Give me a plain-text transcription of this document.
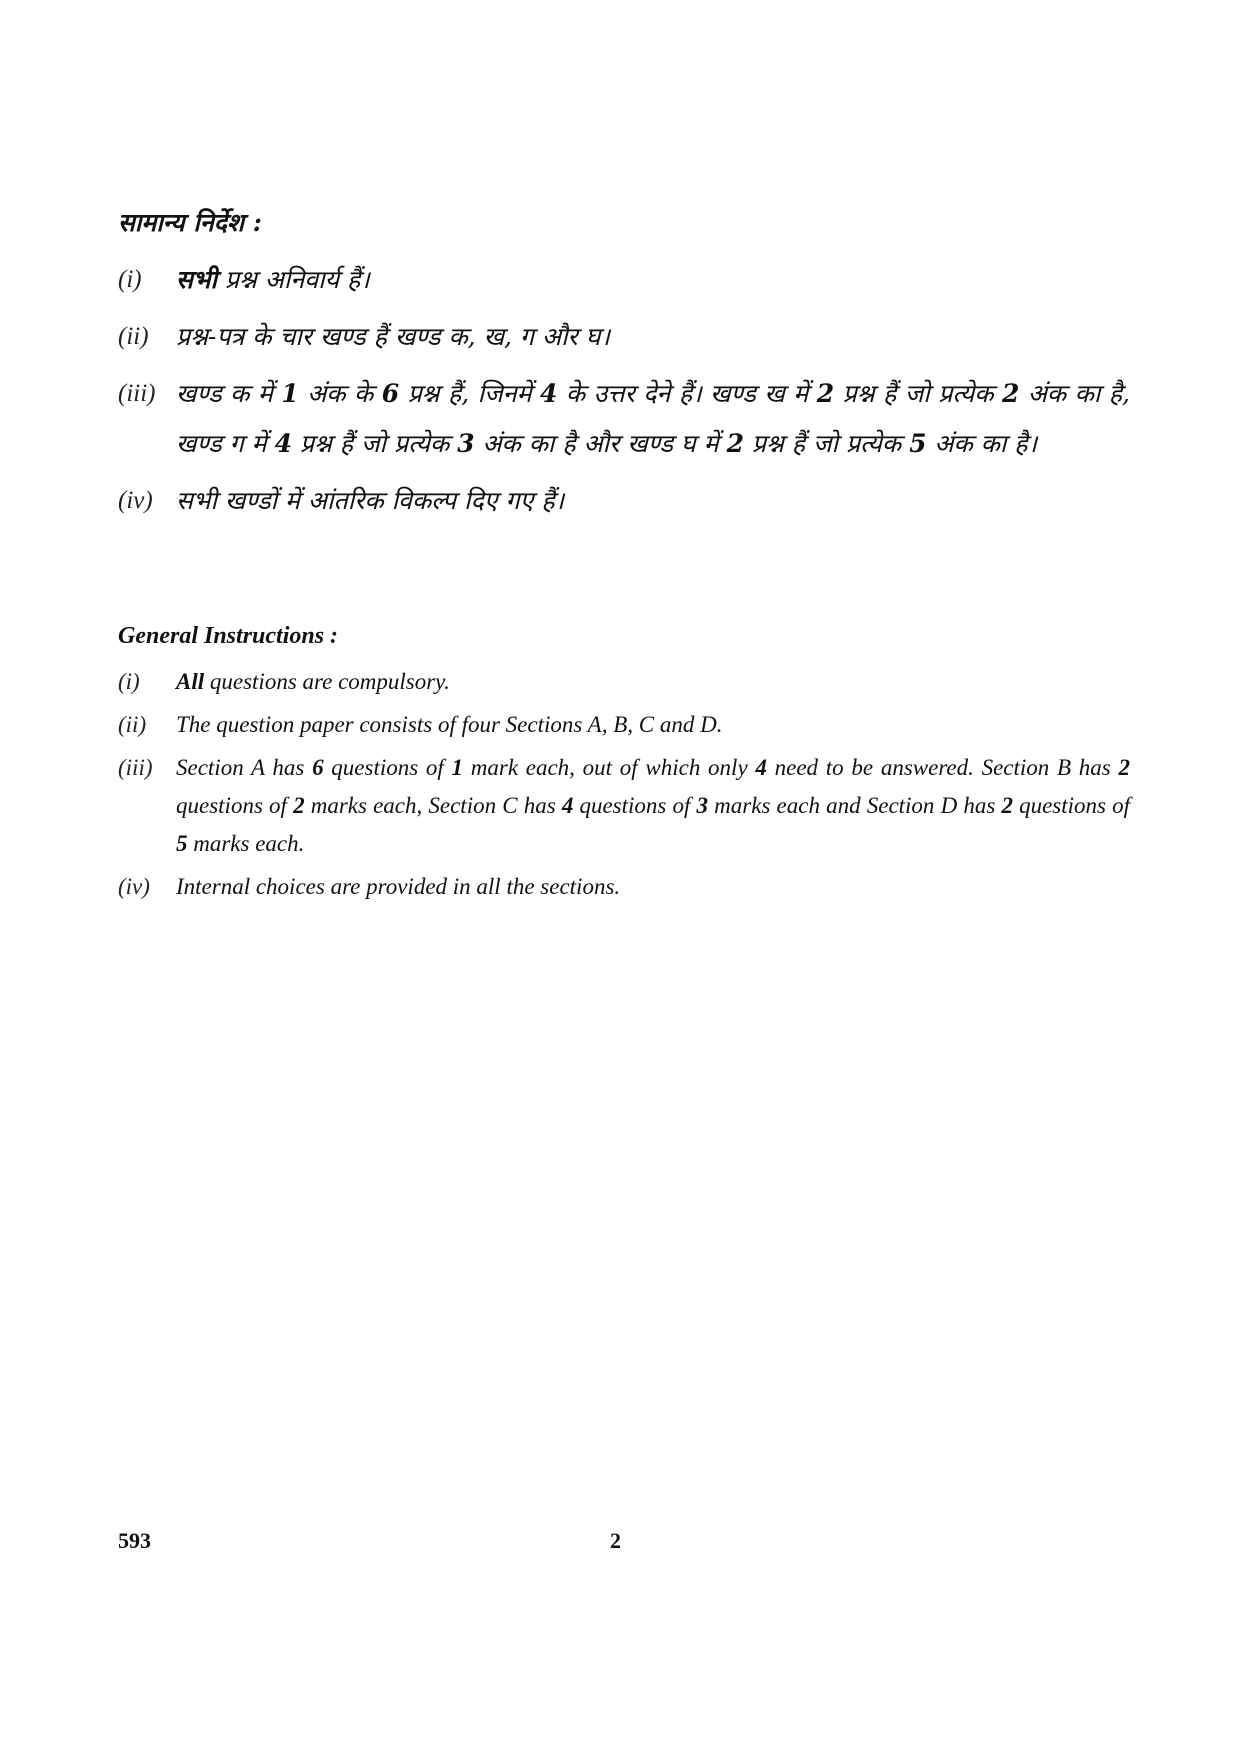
सामान्य निर्देश :
(i)	सभी प्रश्न अनिवार्य हैं।
(ii)	प्रश्न-पत्र के चार खण्ड हैं खण्ड क, ख, ग और घ।
(iii) खण्ड क में 1 अंक के 6 प्रश्न हैं, जिनमें 4 के उत्तर देने हैं। खण्ड ख में 2 प्रश्न हैं जो प्रत्येक 2 अंक का है, खण्ड ग में 4 प्रश्न हैं जो प्रत्येक 3 अंक का है और खण्ड घ में 2 प्रश्न हैं जो प्रत्येक 5 अंक का है।
(iv) सभी खण्डों में आंतरिक विकल्प दिए गए हैं।
General Instructions :
(i)	All questions are compulsory.
(ii)	The question paper consists of four Sections A, B, C and D.
(iii)	Section A has 6 questions of 1 mark each, out of which only 4 need to be answered. Section B has 2 questions of 2 marks each, Section C has 4 questions of 3 marks each and Section D has 2 questions of 5 marks each.
(iv)	Internal choices are provided in all the sections.
593	2
